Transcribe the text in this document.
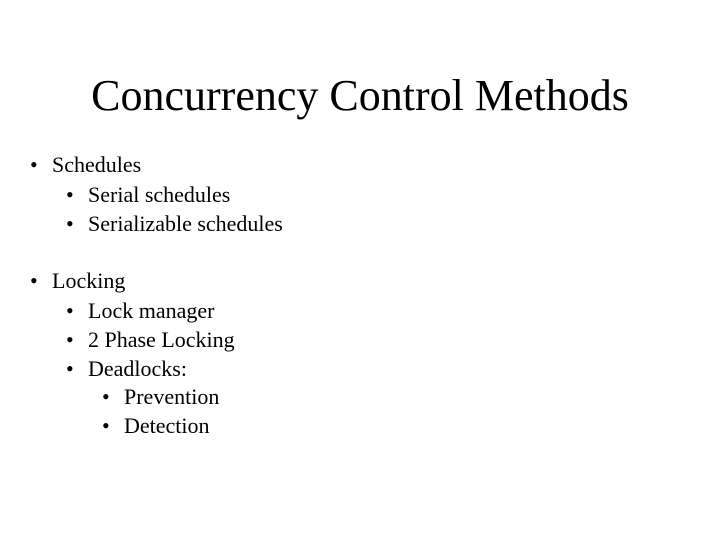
Concurrency Control Methods
• Schedules
• Serial schedules
• Serializable schedules
• Locking
• Lock manager
• 2 Phase Locking
• Deadlocks:
• Prevention
• Detection
